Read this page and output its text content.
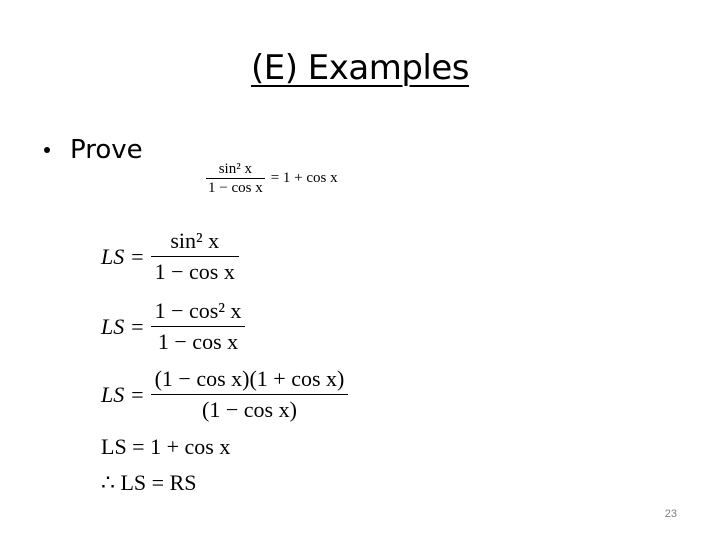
(E) Examples
Prove
$\frac{\text{sin² x}}{\text{1 − cos x}} = 1 + \cos x$
LS = $\frac{\text{sin² x}}{\text{1 − cos x}}$
LS = $\frac{\text{1 − cos² x}}{\text{1 − cos x}}$
LS = $\frac{\text{(1 − cos x)(1 + cos x)}}{\text{(1 − cos x)}}$
LS = 1 + cos x
∴ LS = RS
23
